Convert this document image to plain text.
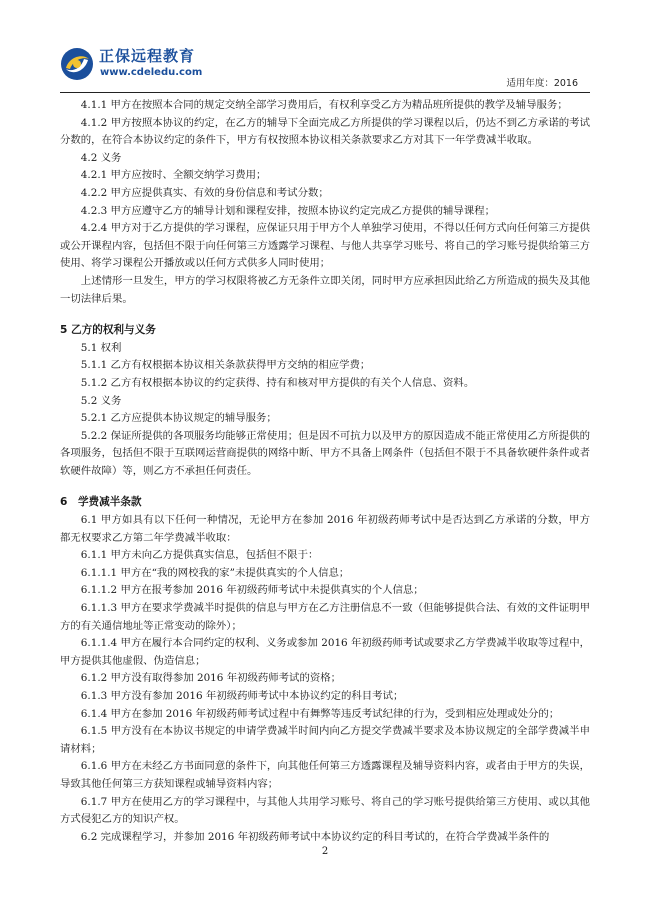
正保远程教育
www.cdeledu.com
适用年度：2016

4.1.1 甲方在按照本合同的规定交纳全部学习费用后，有权利享受乙方为精品班所提供的教学及辅导服务；

4.1.2 甲方按照本协议的约定，在乙方的辅导下全面完成乙方所提供的学习课程以后，仍达不到乙方承诺的考试分数的，在符合本协议约定的条件下，甲方有权按照本协议相关条款要求乙方对其下一年学费减半收取。

4.2 义务

4.2.1 甲方应按时、全额交纳学习费用；

4.2.2 甲方应提供真实、有效的身份信息和考试分数；

4.2.3 甲方应遵守乙方的辅导计划和课程安排，按照本协议约定完成乙方提供的辅导课程；

4.2.4 甲方对于乙方提供的学习课程，应保证只用于甲方个人单独学习使用，不得以任何方式向任何第三方提供或公开课程内容，包括但不限于向任何第三方透露学习课程、与他人共享学习账号、将自己的学习账号提供给第三方使用、将学习课程公开播放或以任何方式供多人同时使用；

上述情形一旦发生，甲方的学习权限将被乙方无条件立即关闭，同时甲方应承担因此给乙方所造成的损失及其他一切法律后果。

5 乙方的权利与义务

5.1 权利

5.1.1 乙方有权根据本协议相关条款获得甲方交纳的相应学费；

5.1.2 乙方有权根据本协议的约定获得、持有和核对甲方提供的有关个人信息、资料。

5.2 义务

5.2.1 乙方应提供本协议规定的辅导服务；

5.2.2 保证所提供的各项服务均能够正常使用；但是因不可抗力以及甲方的原因造成不能正常使用乙方所提供的各项服务，包括但不限于互联网运营商提供的网络中断、甲方不具备上网条件（包括但不限于不具备软硬件条件或者软硬件故障）等，则乙方不承担任何责任。

6　学费减半条款

6.1 甲方如具有以下任何一种情况，无论甲方在参加 2016 年初级药师考试中是否达到乙方承诺的分数，甲方都无权要求乙方第二年学费减半收取：

6.1.1 甲方未向乙方提供真实信息，包括但不限于：

6.1.1.1 甲方在“我的网校我的家”未提供真实的个人信息；

6.1.1.2 甲方在报考参加 2016 年初级药师考试中未提供真实的个人信息；

6.1.1.3 甲方在要求学费减半时提供的信息与甲方在乙方注册信息不一致（但能够提供合法、有效的文件证明甲方的有关通信地址等正常变动的除外）；

6.1.1.4 甲方在履行本合同约定的权利、义务或参加 2016 年初级药师考试或要求乙方学费减半收取等过程中，甲方提供其他虚假、伪造信息；

6.1.2 甲方没有取得参加 2016 年初级药师考试的资格；

6.1.3 甲方没有参加 2016 年初级药师考试中本协议约定的科目考试；

6.1.4 甲方在参加 2016 年初级药师考试过程中有舞弊等违反考试纪律的行为，受到相应处理或处分的；

6.1.5 甲方没有在本协议书规定的申请学费减半时间内向乙方提交学费减半要求及本协议规定的全部学费减半申请材料；

6.1.6 甲方在未经乙方书面同意的条件下，向其他任何第三方透露课程及辅导资料内容，或者由于甲方的失误，导致其他任何第三方获知课程或辅导资料内容；

6.1.7 甲方在使用乙方的学习课程中，与其他人共用学习账号、将自己的学习账号提供给第三方使用、或以其他方式侵犯乙方的知识产权。

6.2 完成课程学习，并参加 2016 年初级药师考试中本协议约定的科目考试的，在符合学费减半条件的

2
